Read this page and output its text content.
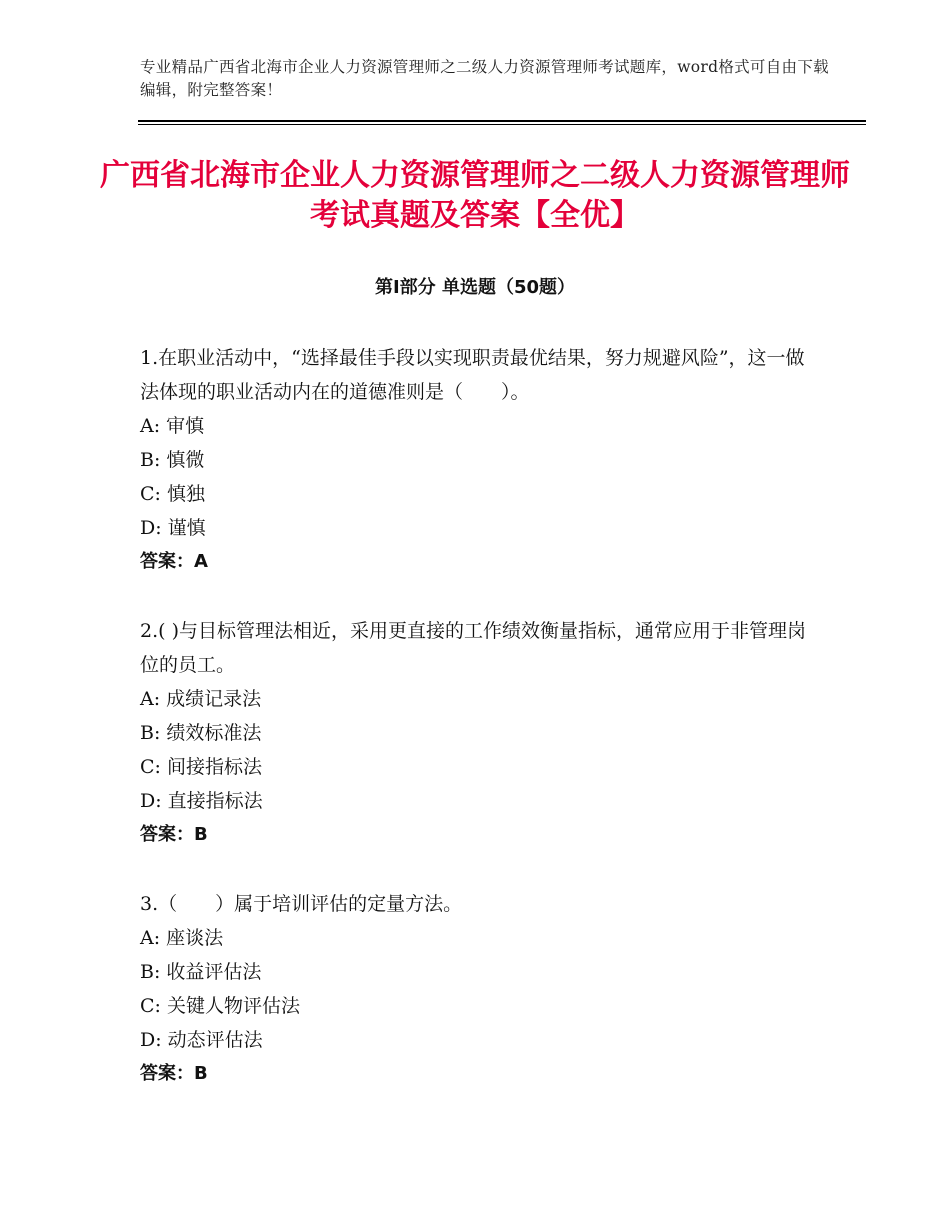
专业精品广西省北海市企业人力资源管理师之二级人力资源管理师考试题库，word格式可自由下载编辑，附完整答案！
广西省北海市企业人力资源管理师之二级人力资源管理师考试真题及答案【全优】
第Ⅰ部分 单选题（50题）
1.在职业活动中，“选择最佳手段以实现职责最优结果，努力规避风险”，这一做法体现的职业活动内在的道德准则是（　　）。
A: 审慎
B: 慎微
C: 慎独
D: 谨慎
答案：A
2.( )与目标管理法相近，采用更直接的工作绩效衡量指标，通常应用于非管理岗位的员工。
A: 成绩记录法
B: 绩效标准法
C: 间接指标法
D: 直接指标法
答案：B
3.（　　）属于培训评估的定量方法。
A: 座谈法
B: 收益评估法
C: 关键人物评估法
D: 动态评估法
答案：B
